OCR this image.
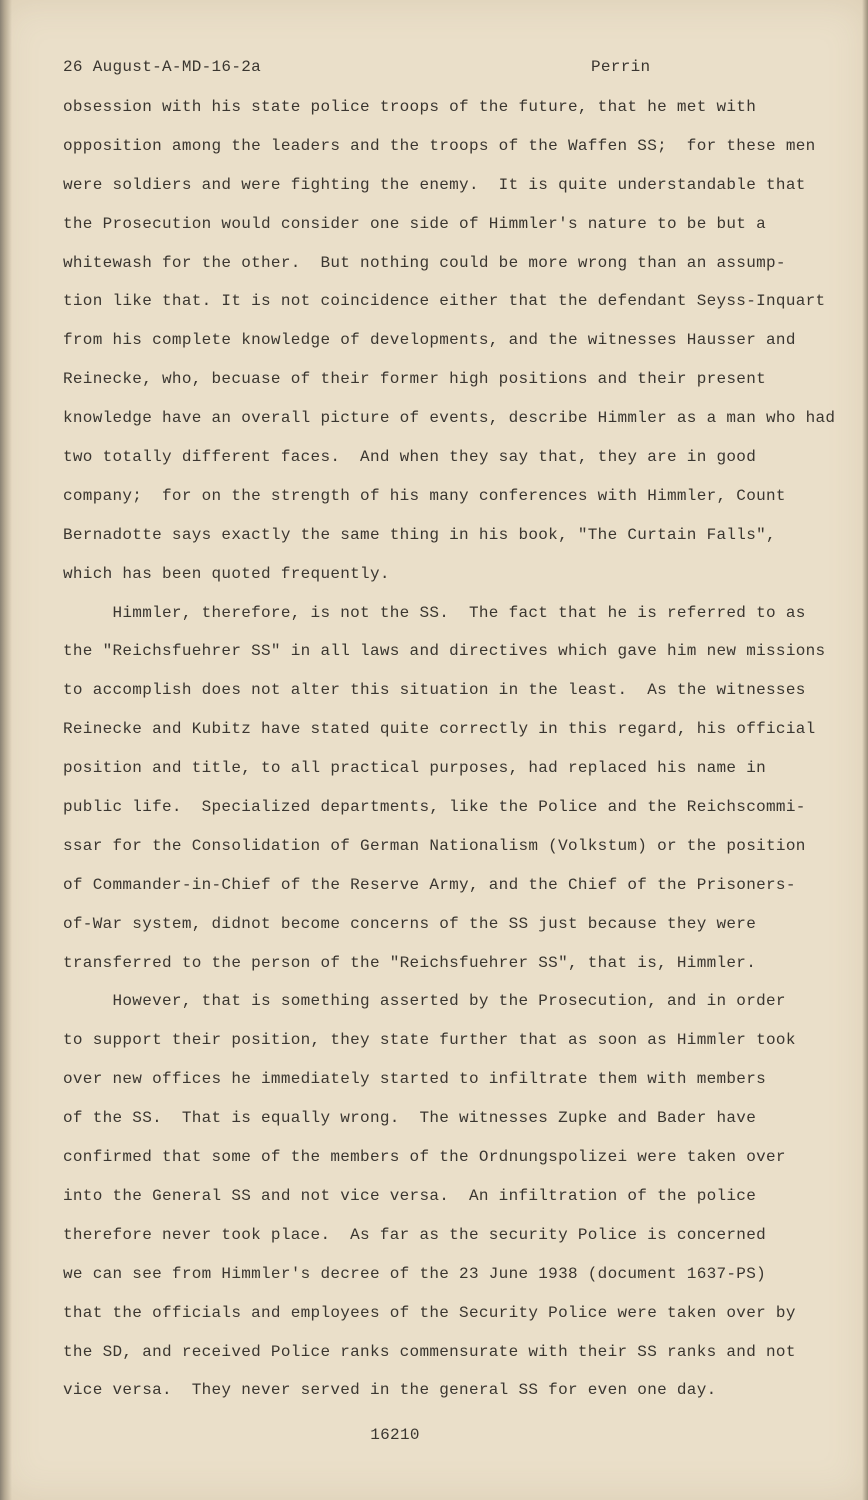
26 August-A-MD-16-2a	Perrin
obsession with his state police troops of the future, that he met with
opposition among the leaders and the troops of the Waffen SS;  for these men
were soldiers and were fighting the enemy.  It is quite understandable that
the Prosecution would consider one side of Himmler's nature to be but a
whitewash for the other.  But nothing could be more wrong than an assump-
tion like that. It is not coincidence either that the defendant Seyss-Inquart
from his complete knowledge of developments, and the witnesses Hausser and
Reinecke, who, becuase of their former high positions and their present
knowledge have an overall picture of events, describe Himmler as a man who had
two totally different faces.  And when they say that, they are in good
company;  for on the strength of his many conferences with Himmler, Count
Bernadotte says exactly the same thing in his book, "The Curtain Falls",
which has been quoted frequently.
Himmler, therefore, is not the SS.  The fact that he is referred to as
the "Reichsfuehrer SS" in all laws and directives which gave him new missions
to accomplish does not alter this situation in the least.  As the witnesses
Reinecke and Kubitz have stated quite correctly in this regard, his official
position and title, to all practical purposes, had replaced his name in
public life.  Specialized departments, like the Police and the Reichscommi-
ssar for the Consolidation of German Nationalism (Volkstum) or the position
of Commander-in-Chief of the Reserve Army, and the Chief of the Prisoners-
of-War system, didnot become concerns of the SS just because they were
transferred to the person of the "Reichsfuehrer SS", that is, Himmler.
However, that is something asserted by the Prosecution, and in order
to support their position, they state further that as soon as Himmler took
over new offices he immediately started to infiltrate them with members
of the SS.  That is equally wrong.  The witnesses Zupke and Bader have
confirmed that some of the members of the Ordnungspolizei were taken over
into the General SS and not vice versa.  An infiltration of the police
therefore never took place.  As far as the security Police is concerned
we can see from Himmler's decree of the 23 June 1938 (document 1637-PS)
that the officials and employees of the Security Police were taken over by
the SD, and received Police ranks commensurate with their SS ranks and not
vice versa.  They never served in the general SS for even one day.
16210
